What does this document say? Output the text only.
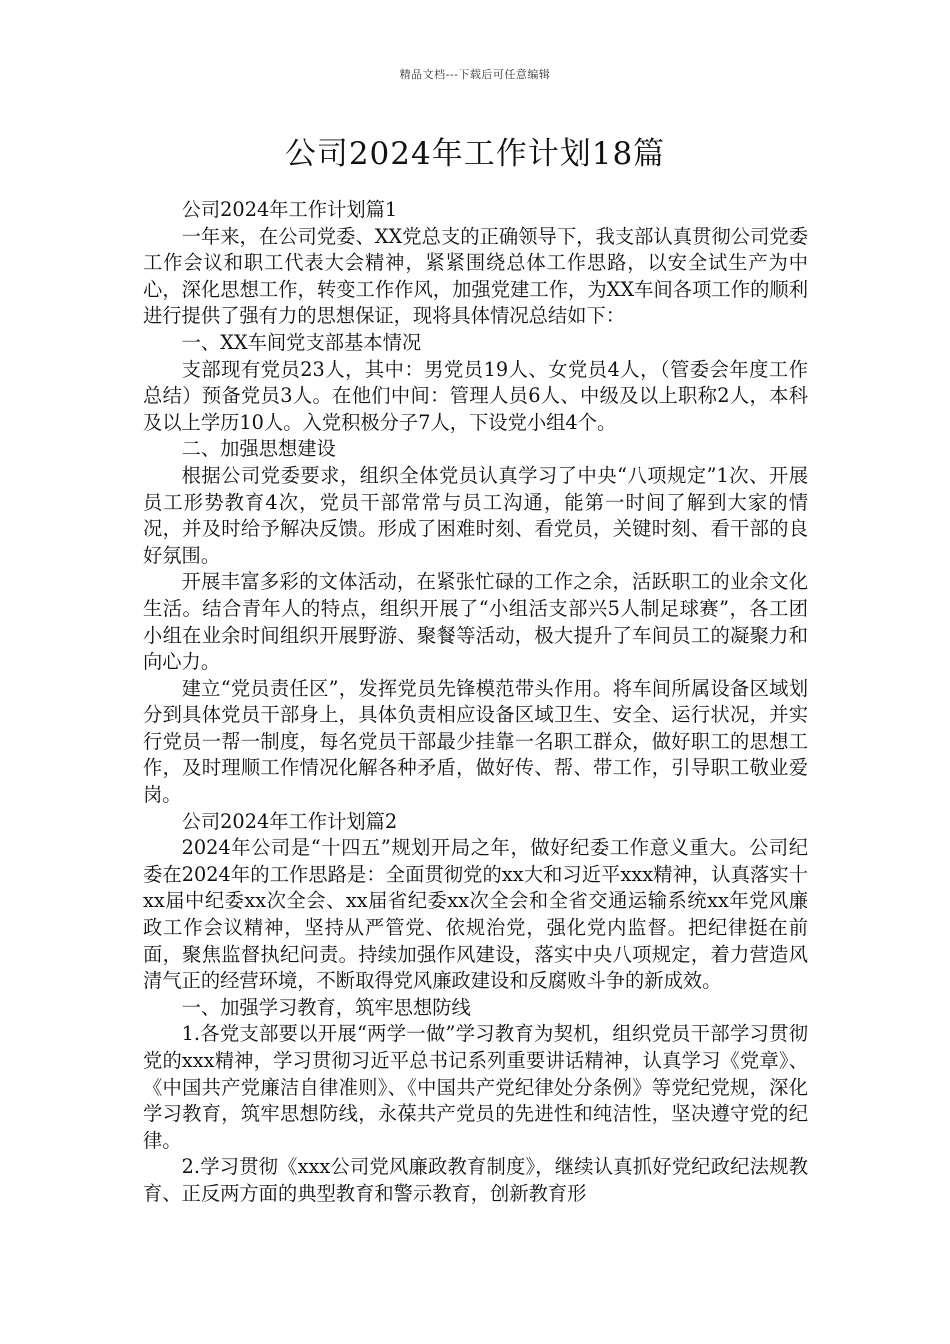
精品文档---下载后可任意编辑
公司2024年工作计划18篇

公司2024年工作计划篇1

一年来，在公司党委、XX党总支的正确领导下，我支部认真贯彻公司党委工作会议和职工代表大会精神，紧紧围绕总体工作思路，以安全试生产为中心，深化思想工作，转变工作作风，加强党建工作，为XX车间各项工作的顺利进行提供了强有力的思想保证，现将具体情况总结如下：

一、XX车间党支部基本情况

支部现有党员23人，其中：男党员19人、女党员4人，（管委会年度工作总结）预备党员3人。在他们中间：管理人员6人、中级及以上职称2人，本科及以上学历10人。入党积极分子7人，下设党小组4个。

二、加强思想建设

根据公司党委要求，组织全体党员认真学习了中央“八项规定”1次、开展员工形势教育4次，党员干部常常与员工沟通，能第一时间了解到大家的情况，并及时给予解决反馈。形成了困难时刻、看党员，关键时刻、看干部的良好氛围。

开展丰富多彩的文体活动，在紧张忙碌的工作之余，活跃职工的业余文化生活。结合青年人的特点，组织开展了“小组活支部兴5人制足球赛”，各工团小组在业余时间组织开展野游、聚餐等活动，极大提升了车间员工的凝聚力和向心力。

建立“党员责任区”，发挥党员先锋模范带头作用。将车间所属设备区域划分到具体党员干部身上，具体负责相应设备区域卫生、安全、运行状况，并实行党员一帮一制度，每名党员干部最少挂靠一名职工群众，做好职工的思想工作，及时理顺工作情况化解各种矛盾，做好传、帮、带工作，引导职工敬业爱岗。

公司2024年工作计划篇2

2024年公司是“十四五”规划开局之年，做好纪委工作意义重大。公司纪委在2024年的工作思路是：全面贯彻党的xx大和习近平xxx精神，认真落实十xx届中纪委xx次全会、xx届省纪委xx次全会和全省交通运输系统xx年党风廉政工作会议精神，坚持从严管党、依规治党，强化党内监督。把纪律挺在前面，聚焦监督执纪问责。持续加强作风建设，落实中央八项规定，着力营造风清气正的经营环境，不断取得党风廉政建设和反腐败斗争的新成效。

一、加强学习教育，筑牢思想防线

1.各党支部要以开展“两学一做”学习教育为契机，组织党员干部学习贯彻党的xxx精神，学习贯彻习近平总书记系列重要讲话精神，认真学习《党章》、《中国共产党廉洁自律准则》、《中国共产党纪律处分条例》等党纪党规，深化学习教育，筑牢思想防线，永葆共产党员的先进性和纯洁性，坚决遵守党的纪律。

2.学习贯彻《xxx公司党风廉政教育制度》，继续认真抓好党纪政纪法规教育、正反两方面的典型教育和警示教育，创新教育形
